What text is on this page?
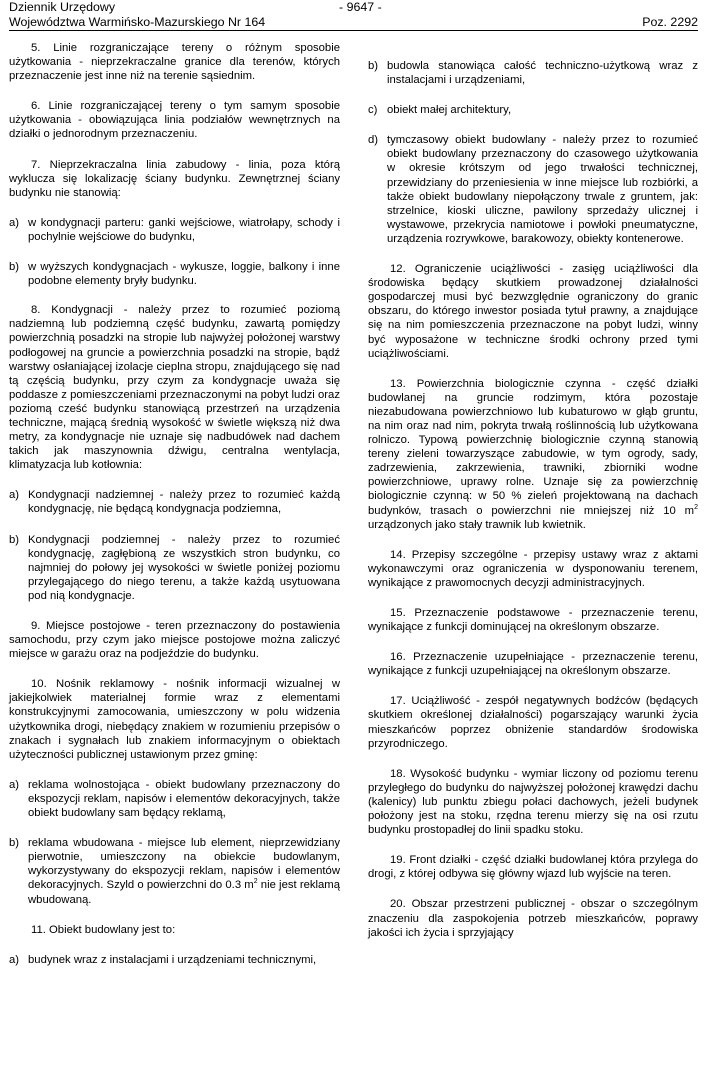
Dziennik Urzędowy
Województwa Warmińsko-Mazurskiego Nr 164
- 9647 -
Poz. 2292

5. Linie rozgraniczające tereny o różnym sposobie użytkowania - nieprzekraczalne granice dla terenów, których przeznaczenie jest inne niż na terenie sąsiednim.

6. Linie rozgraniczającej tereny o tym samym sposobie użytkowania - obowiązująca linia podziałów wewnętrznych na działki o jednorodnym przeznaczeniu.

7. Nieprzekraczalna linia zabudowy - linia, poza którą wyklucza się lokalizację ściany budynku. Zewnętrznej ściany budynku nie stanowią:

a) w kondygnacji parteru: ganki wejściowe, wiatrołapy, schody i pochylnie wejściowe do budynku,
b) w wyższych kondygnacjach - wykusze, loggie, balkony i inne podobne elementy bryły budynku.

8. Kondygnacji - należy przez to rozumieć poziomą nadziemną lub podziemną część budynku, zawartą pomiędzy powierzchnią posadzki na stropie lub najwyżej położonej warstwy podłogowej na gruncie a powierzchnia posadzki na stropie, bądź warstwy osłaniającej izolacje cieplna stropu, znajdującego się nad tą częścią budynku, przy czym za kondygnacje uważa się poddasze z pomieszczeniami przeznaczonymi na pobyt ludzi oraz poziomą cześć budynku stanowiącą przestrzeń na urządzenia techniczne, mającą średnią wysokość w świetle większą niż dwa metry, za kondygnacje nie uznaje się nadbudówek nad dachem takich jak maszynownia dźwigu, centralna wentylacja, klimatyzacja lub kotłownia:

a) Kondygnacji nadziemnej - należy przez to rozumieć każdą kondygnację, nie będącą kondygnacja podziemna,
b) Kondygnacji podziemnej - należy przez to rozumieć kondygnację, zagłębioną ze wszystkich stron budynku, co najmniej do połowy jej wysokości w świetle poniżej poziomu przylegającego do niego terenu, a także każdą usytuowana pod nią kondygnacje.

9. Miejsce postojowe - teren przeznaczony do postawienia samochodu, przy czym jako miejsce postojowe można zaliczyć miejsce w garażu oraz na podjeździe do budynku.

10. Nośnik reklamowy - nośnik informacji wizualnej w jakiejkolwiek materialnej formie wraz z elementami konstrukcyjnymi zamocowania, umieszczony w polu widzenia użytkownika drogi, niebędący znakiem w rozumieniu przepisów o znakach i sygnałach lub znakiem informacyjnym o obiektach użyteczności publicznej ustawionym przez gminę:

a) reklama wolnostojąca - obiekt budowlany przeznaczony do ekspozycji reklam, napisów i elementów dekoracyjnych, także obiekt budowlany sam będący reklamą,
b) reklama wbudowana - miejsce lub element, nieprzewidziany pierwotnie, umieszczony na obiekcie budowlanym, wykorzystywany do ekspozycji reklam, napisów i elementów dekoracyjnych. Szyld o powierzchni do 0.3 $m^2$ nie jest reklamą wbudowaną.

11. Obiekt budowlany jest to:

a) budynek wraz z instalacjami i urządzeniami technicznymi,
b) budowla stanowiąca całość techniczno-użytkową wraz z instalacjami i urządzeniami,
c) obiekt małej architektury,
d) tymczasowy obiekt budowlany - należy przez to rozumieć obiekt budowlany przeznaczony do czasowego użytkowania w okresie krótszym od jego trwałości technicznej, przewidziany do przeniesienia w inne miejsce lub rozbiórki, a także obiekt budowlany niepołączony trwale z gruntem, jak: strzelnice, kioski uliczne, pawilony sprzedaży ulicznej i wystawowe, przekrycia namiotowe i powłoki pneumatyczne, urządzenia rozrywkowe, barakowozy, obiekty kontenerowe.

12. Ograniczenie uciążliwości - zasięg uciążliwości dla środowiska będący skutkiem prowadzonej działalności gospodarczej musi być bezwzględnie ograniczony do granic obszaru, do którego inwestor posiada tytuł prawny, a znajdujące się na nim pomieszczenia przeznaczone na pobyt ludzi, winny być wyposażone w techniczne środki ochrony przed tymi uciążliwościami.

13. Powierzchnia biologicznie czynna - część działki budowlanej na gruncie rodzimym, która pozostaje niezabudowana powierzchniowo lub kubaturowo w głąb gruntu, na nim oraz nad nim, pokryta trwałą roślinnością lub użytkowana rolniczo. Typową powierzchnię biologicznie czynną stanowią tereny zieleni towarzyszące zabudowie, w tym ogrody, sady, zadrzewienia, zakrzewienia, trawniki, zbiorniki wodne powierzchniowe, uprawy rolne. Uznaje się za powierzchnię biologicznie czynną: w 50 % zieleń projektowaną na dachach budynków, trasach o powierzchni nie mniejszej niż 10 $m^2$ urządzonych jako stały trawnik lub kwietnik.

14. Przepisy szczególne - przepisy ustawy wraz z aktami wykonawczymi oraz ograniczenia w dysponowaniu terenem, wynikające z prawomocnych decyzji administracyjnych.

15. Przeznaczenie podstawowe - przeznaczenie terenu, wynikające z funkcji dominującej na określonym obszarze.

16. Przeznaczenie uzupełniające - przeznaczenie terenu, wynikające z funkcji uzupełniającej na określonym obszarze.

17. Uciążliwość - zespół negatywnych bodźców (będących skutkiem określonej działalności) pogarszający warunki życia mieszkańców poprzez obniżenie standardów środowiska przyrodniczego.

18. Wysokość budynku - wymiar liczony od poziomu terenu przyległego do budynku do najwyższej położonej krawędzi dachu (kalenicy) lub punktu zbiegu połaci dachowych, jeżeli budynek położony jest na stoku, rzędna terenu mierzy się na osi rzutu budynku prostopadłej do linii spadku stoku.

19. Front działki - część działki budowlanej która przylega do drogi, z której odbywa się główny wjazd lub wyjście na teren.

20. Obszar przestrzeni publicznej - obszar o szczególnym znaczeniu dla zaspokojenia potrzeb mieszkańców, poprawy jakości ich życia i sprzyjający
